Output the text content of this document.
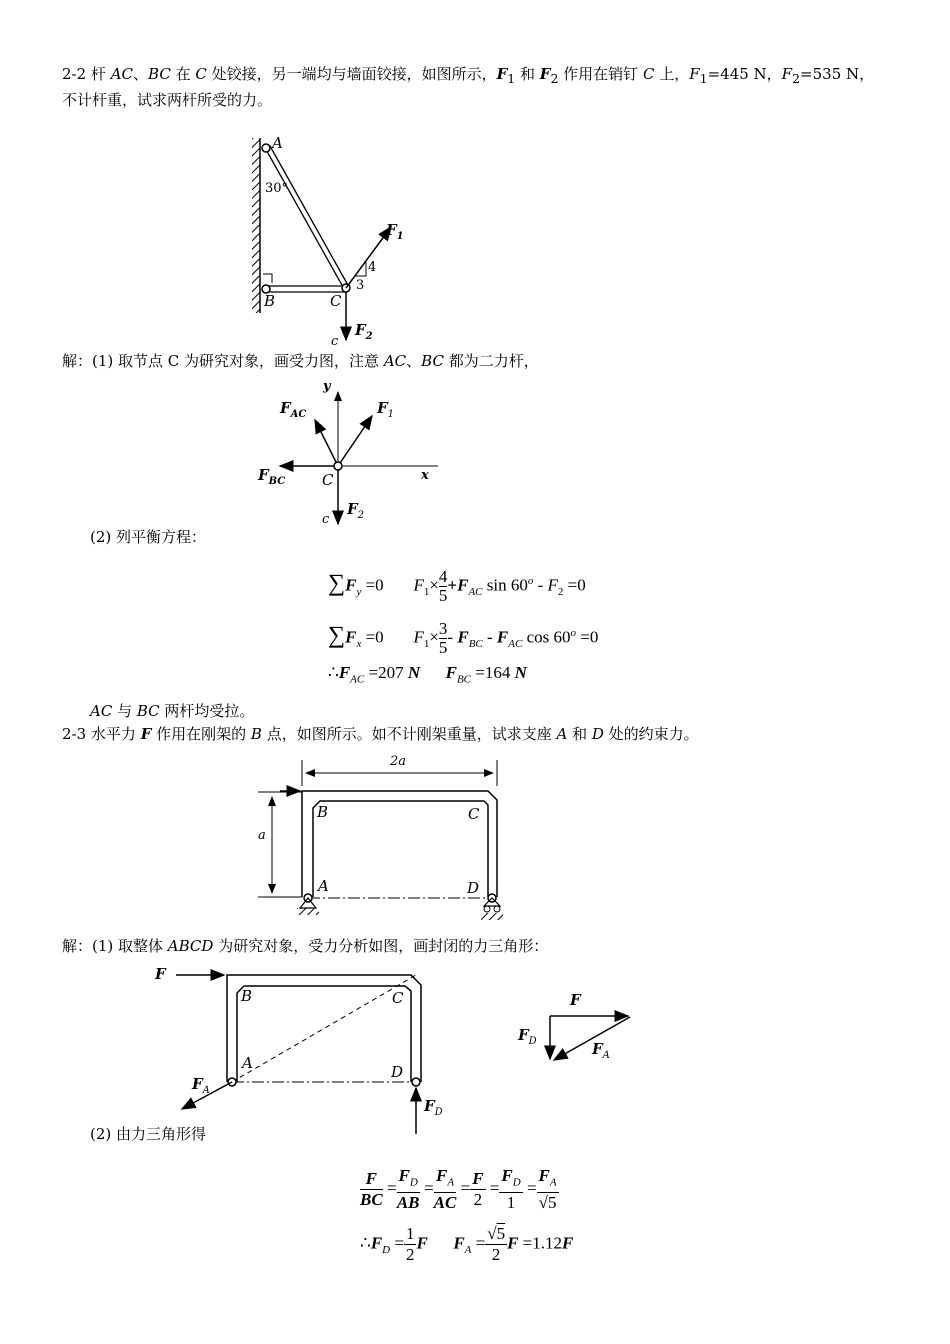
2-2 杆 AC、BC 在 C 处铰接，另一端均与墙面铰接，如图所示，$F_1$ 和 $F_2$ 作用在销钉 C 上，$F_1=445$ N，$F_2=535$ N，
不计杆重，试求两杆所受的力。
A
30°
$F_1$
4
3
B	C
$F_2$
c
解：(1) 取节点 C 为研究对象，画受力图，注意 AC、BC 都为二力杆，
y
$F_{AC}$	$F_1$
$F_{BC}$ C	x
$F_2$
c
(2) 列平衡方程：
$\sum F_y =0$       $F_1\times \frac{4}{5} +F_{AC}$ $\sin 60^o - F_2 =0$
$\sum F_x =0$       $F_1\times \frac{3}{5} - F_{BC} - F_{AC}$ $\cos 60^o =0$
$\therefore F_{AC} =207$ N $F_{BC} =164$ N
AC 与 BC 两杆均受拉。
2-3 水平力 F 作用在刚架的 B 点，如图所示。如不计刚架重量，试求支座 A 和 D 处的约束力。
2a
a
B	C
A	D
解：(1) 取整体 ABCD 为研究对象，受力分析如图，画封闭的力三角形：
F
B	C
A	D
$F_A$
$F_D$
F
$F_D$	$F_A$
(2) 由力三角形得
$\frac{F}{BC} = \frac{F_D}{AB} = \frac{F_A}{AC} = \frac{F}{2} = \frac{F_D}{1} = \frac{F_A}{√5}$
$\therefore F_D = \frac{1}{2}$ F $F_A = \frac{√5}{2}$ F =1.12F
